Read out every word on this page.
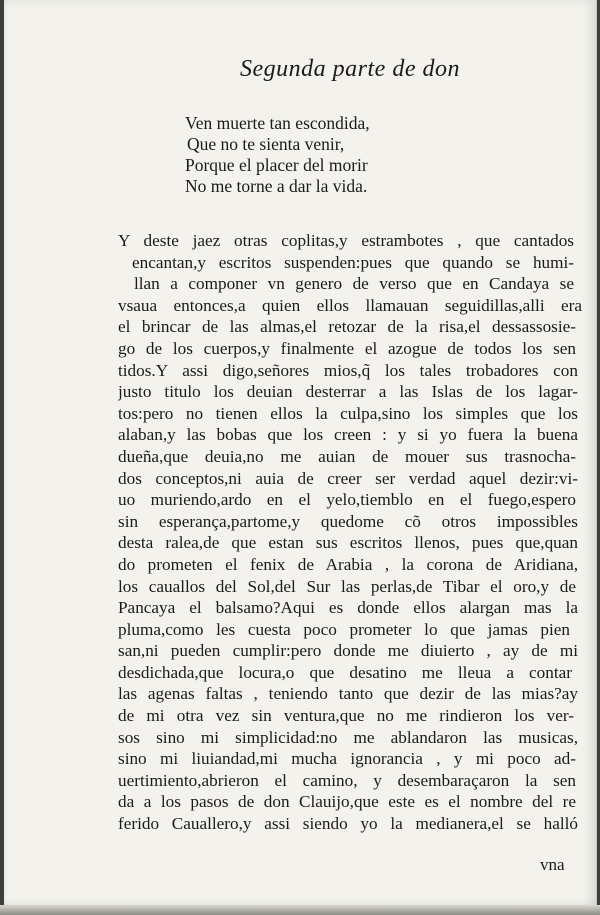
Segunda parte de don
Ven muerte tan escondida,
Que no te sienta venir,
Porque el placer del morir
No me torne a dar la vida.
Y deste jaez otras coplitas,y estrambotes , que cantados
encantan,y escritos suspenden:pues que quando se humi-
llan a componer vn genero de verso que en Candaya se
vsaua entonces,a quien ellos llamauan seguidillas,alli era
el brincar de las almas,el retozar de la risa,el dessassosie-
go de los cuerpos,y finalmente el azogue de todos los sen
tidos.Y assi digo,señores mios,q̃ los tales trobadores con
justo titulo los deuian desterrar a las Islas de los lagar-
tos:pero no tienen ellos la culpa,sino los simples que los
alaban,y las bobas que los creen : y si yo fuera la buena
dueña,que deuia,no me auian de mouer sus trasnocha-
dos conceptos,ni auia de creer ser verdad aquel dezir:vi-
uo muriendo,ardo en el yelo,tiemblo en el fuego,espero
sin esperança,partome,y quedome cõ otros impossibles
desta ralea,de que estan sus escritos llenos, pues que,quan
do prometen el fenix de Arabia , la corona de Aridiana,
los cauallos del Sol,del Sur las perlas,de Tibar el oro,y de
Pancaya el balsamo?Aqui es donde ellos alargan mas la
pluma,como les cuesta poco prometer lo que jamas pien
san,ni pueden cumplir:pero donde me diuierto , ay de mi
desdichada,que locura,o que desatino me lleua a contar
las agenas faltas , teniendo tanto que dezir de las mias?ay
de mi otra vez sin ventura,que no me rindieron los ver-
sos sino mi simplicidad:no me ablandaron las musicas,
sino mi liuiandad,mi mucha ignorancia , y mi poco ad-
uertimiento,abrieron el camino, y desembaraçaron la sen
da a los pasos de don Clauijo,que este es el nombre del re
ferido Cauallero,y assi siendo yo la medianera,el se halló
vna
